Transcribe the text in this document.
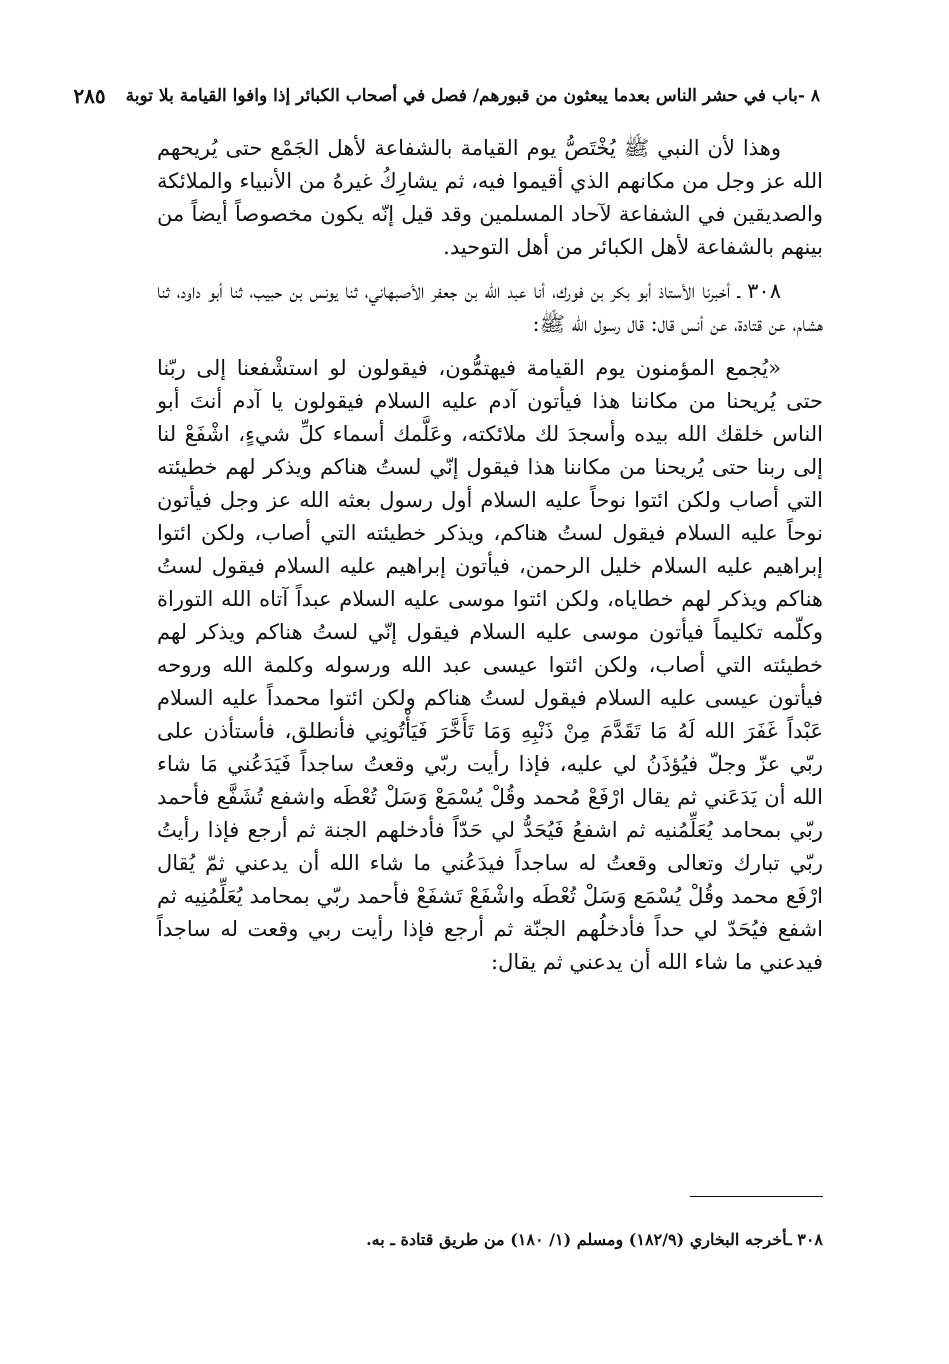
٨ -باب في حشر الناس بعدما يبعثون من قبورهم/ فصل في أصحاب الكبائر إذا وافوا القيامة بلا توبة
٢٨٥

وهذا لأن النبي ﷺ يُخْتَصُّ يوم القيامة بالشفاعة لأهل الجَمْع حتى يُريحهم الله عز وجل من مكانهم الذي أقيموا فيه، ثم يشارِكُ غيرهُ من الأنبياء والملائكة والصديقين في الشفاعة لآحاد المسلمين وقد قيل إنّه يكون مخصوصاً أيضاً من بينهم بالشفاعة لأهل الكبائر من أهل التوحيد.

٣٠٨ ـ أخبرنا الأستاذ أبو بكر بن فورك، أنا عبد الله بن جعفر الأصبهاني، ثنا يونس بن حبيب، ثنا أبو داود، ثنا هشام، عن قتادة، عن أنس قال: قال رسول الله ﷺ:

«يُجمع المؤمنون يوم القيامة فيهتمُّون، فيقولون لو استشْفعنا إلى ربّنا حتى يُريحنا من مكاننا هذا فيأتون آدم عليه السلام فيقولون يا آدم أنتَ أبو الناس خلقك الله بيده وأسجدَ لك ملائكته، وعَلَّمك أسماء كلِّ شيءٍ، اشْفَعْ لنا إلى ربنا حتى يُريحنا من مكاننا هذا فيقول إنّي لستُ هناكم ويذكر لهم خطيئته التي أصاب ولكن ائتوا نوحاً عليه السلام أول رسول بعثه الله عز وجل فيأتون نوحاً عليه السلام فيقول لستُ هناكم، ويذكر خطيئته التي أصاب، ولكن ائتوا إبراهيم عليه السلام خليل الرحمن، فيأتون إبراهيم عليه السلام فيقول لستُ هناكم ويذكر لهم خطاياه، ولكن ائتوا موسى عليه السلام عبداً آتاه الله التوراة وكلّمه تكليماً فيأتون موسى عليه السلام فيقول إنّي لستُ هناكم ويذكر لهم خطيئته التي أصاب، ولكن ائتوا عيسى عبد الله ورسوله وكلمة الله وروحه فيأتون عيسى عليه السلام فيقول لستُ هناكم ولكن ائتوا محمداً عليه السلام عَبْداً غَفَرَ الله لَهُ مَا تَقَدَّمَ مِنْ ذَنْبِهِ وَمَا تَأَخَّرَ فَيَأْتُونِي فأنطلق، فأستأذن على ربّي عزّ وجلّ فيُؤذَنُ لي عليه، فإذا رأيت ربّي وقعتُ ساجداً فَيَدَعُني مَا شاء الله أن يَدَعَني ثم يقال ارْفَعْ مُحمد وقُلْ يُسْمَعْ وَسَلْ تُعْطَه واشفع تُشَفَّع فأحمد ربّي بمحامد يُعَلِّمُنيه ثم اشفعُ فَيُحَدُّ لي حَدّاً فأدخلهم الجنة ثم أرجع فإذا رأيتُ ربّي تبارك وتعالى وقعتُ له ساجداً فيدَعُني ما شاء الله أن يدعني ثمّ يُقال ارْفَع محمد وقُلْ يُسْمَع وَسَلْ تُعْطَه واشْفَعْ تَشفَعْ فأحمد ربّي بمحامد يُعَلِّمُنِيه ثم اشفع فيُحَدّ لي حداً فأدخلُهم الجنّة ثم أرجع فإذا رأيت ربي وقعت له ساجداً فيدعني ما شاء الله أن يدعني ثم يقال:

٣٠٨ ـأخرجه البخاري (١٨٢/٩) ومسلم (١/ ١٨٠) من طريق قتادة ـ به.
